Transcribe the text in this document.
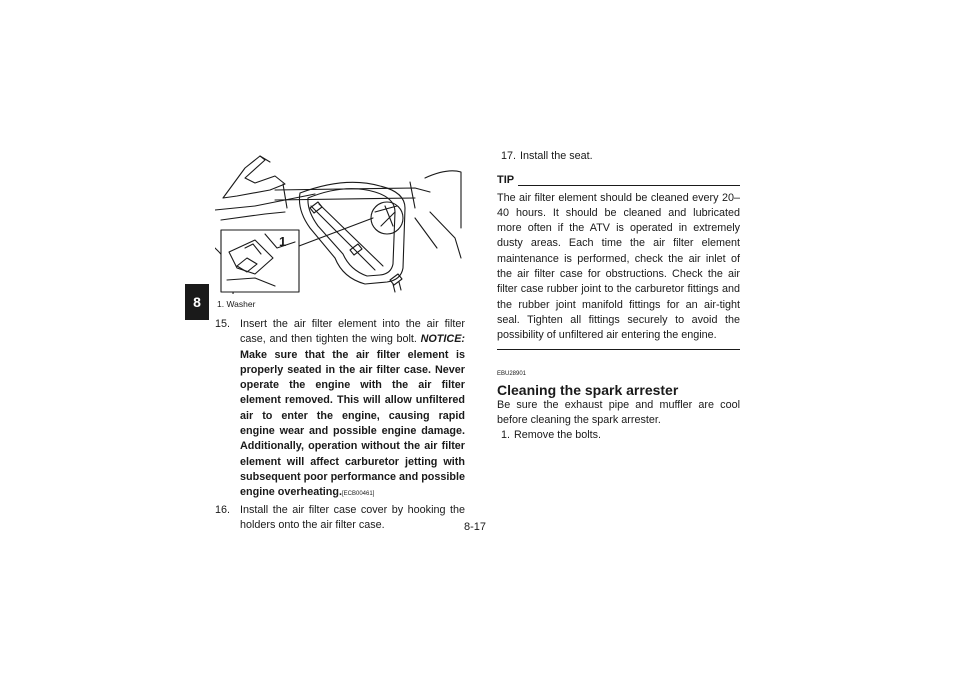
8
1
1. Washer
15. Insert the air filter element into the air filter case, and then tighten the wing bolt. NOTICE: Make sure that the air filter element is properly seated in the air filter case. Never operate the engine with the air filter element removed. This will allow unfiltered air to enter the engine, causing rapid engine wear and possible engine damage. Additionally, operation without the air filter element will affect carburetor jetting with subsequent poor performance and possible engine overheating.[ECB00461]
16. Install the air filter case cover by hooking the holders onto the air filter case.
17. Install the seat.
TIP
The air filter element should be cleaned every 20–40 hours. It should be cleaned and lubricated more often if the ATV is operated in extremely dusty areas. Each time the air filter element maintenance is performed, check the air inlet of the air filter case for obstructions. Check the air filter case rubber joint to the carburetor fittings and the rubber joint manifold fittings for an air-tight seal. Tighten all fittings securely to avoid the possibility of unfiltered air entering the engine.
EBU28901
Cleaning the spark arrester
Be sure the exhaust pipe and muffler are cool before cleaning the spark arrester.
1. Remove the bolts.
8-17
